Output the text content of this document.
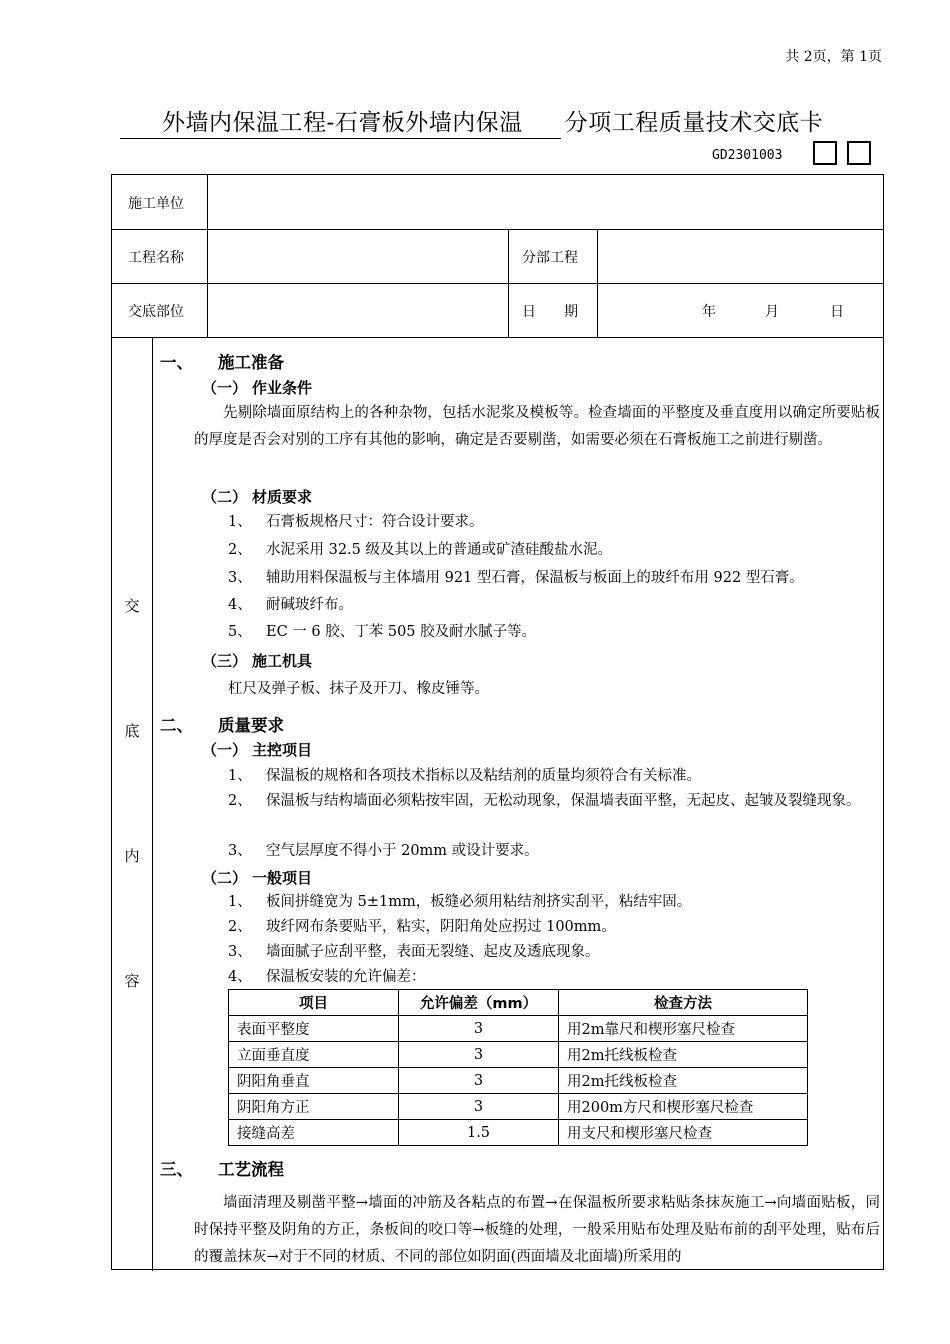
共 2页，第 1页
外墙内保温工程-石膏板外墙内保温 分项工程质量技术交底卡
GD2301003
施工单位
工程名称	分部工程
交底部位	日　　期	年	月	日
交
底
内
容
一、 施工准备
（一） 作业条件
先剔除墙面原结构上的各种杂物，包括水泥浆及模板等。检查墙面的平整度及垂直度用以确定所要贴板的厚度是否会对别的工序有其他的影响，确定是否要剔凿，如需要必须在石膏板施工之前进行剔凿。
（二） 材质要求
1、 石膏板规格尺寸：符合设计要求。
2、 水泥采用 32.5 级及其以上的普通或矿渣硅酸盐水泥。
3、 辅助用料保温板与主体墙用 921 型石膏，保温板与板面上的玻纤布用 922 型石膏。
4、 耐碱玻纤布。
5、 EC 一 6 胶、丁苯 505 胶及耐水腻子等。
（三） 施工机具
杠尺及弹子板、抹子及开刀、橡皮锤等。
二、 质量要求
（一） 主控项目
1、 保温板的规格和各项技术指标以及粘结剂的质量均须符合有关标准。
2、 保温板与结构墙面必须粘按牢固，无松动现象，保温墙表面平整，无起皮、起皱及裂缝现象。
3、 空气层厚度不得小于 20mm 或设计要求。
（二） 一般项目
1、 板间拼缝宽为 5±1mm，板缝必须用粘结剂挤实刮平，粘结牢固。
2、 玻纤网布条要贴平，粘实，阴阳角处应拐过 100mm。
3、 墙面腻子应刮平整，表面无裂缝、起皮及透底现象。
4、 保温板安装的允许偏差：
三、 工艺流程
墙面清理及剔凿平整→墙面的冲筋及各粘点的布置→在保温板所要求粘贴条抹灰施工→向墙面贴板，同时保持平整及阴角的方正，条板间的咬口等→板缝的处理，一般采用贴布处理及贴布前的刮平处理，贴布后的覆盖抹灰→对于不同的材质、不同的部位如阴面(西面墙及北面墙)所采用的
项目	允许偏差（mm）	检查方法
表面平整度	3	用2m靠尺和楔形塞尺检查
立面垂直度	3	用2m托线板检查
阴阳角垂直	3	用2m托线板检查
阴阳角方正	3	用200m方尺和楔形塞尺检查
接缝高差	1.5	用支尺和楔形塞尺检查
